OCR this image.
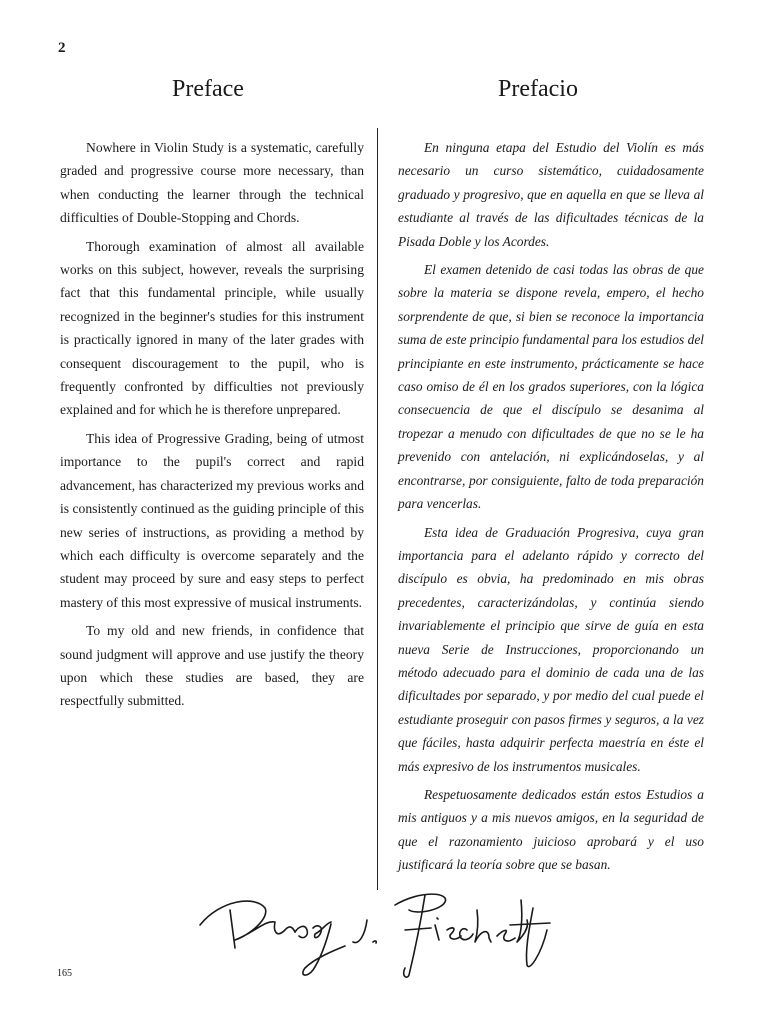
2
Preface	Prefacio

Nowhere in Violin Study is a systematic, carefully graded and progressive course more necessary, than when conducting the learner through the technical difficulties of Double-Stopping and Chords.

Thorough examination of almost all available works on this subject, however, reveals the surprising fact that this fundamental principle, while usually recognized in the beginner's studies for this instrument is practically ignored in many of the later grades with consequent discouragement to the pupil, who is frequently confronted by difficulties not previously explained and for which he is therefore unprepared.

This idea of Progressive Grading, being of utmost importance to the pupil's correct and rapid advancement, has characterized my previous works and is consistently continued as the guiding principle of this new series of instructions, as providing a method by which each difficulty is overcome separately and the student may proceed by sure and easy steps to perfect mastery of this most expressive of musical instruments.

To my old and new friends, in confidence that sound judgment will approve and use justify the theory upon which these studies are based, they are respectfully submitted.

En ninguna etapa del Estudio del Violín es más necesario un curso sistemático, cuidadosamente graduado y progresivo, que en aquella en que se lleva al estudiante al través de las dificultades técnicas de la Pisada Doble y los Acordes.

El examen detenido de casi todas las obras de que sobre la materia se dispone revela, empero, el hecho sorprendente de que, si bien se reconoce la importancia suma de este principio fundamental para los estudios del principiante en este instrumento, prácticamente se hace caso omiso de él en los grados superiores, con la lógica consecuencia de que el discípulo se desanima al tropezar a menudo con dificultades de que no se le ha prevenido con antelación, ni explicándoselas, y al encontrarse, por consiguiente, falto de toda preparación para vencerlas.

Esta idea de Graduación Progresiva, cuya gran importancia para el adelanto rápido y correcto del discípulo es obvia, ha predominado en mis obras precedentes, caracterizándolas, y continúa siendo invariablemente el principio que sirve de guía en esta nueva Serie de Instrucciones, proporcionando un método adecuado para el dominio de cada una de las dificultades por separado, y por medio del cual puede el estudiante proseguir con pasos firmes y seguros, a la vez que fáciles, hasta adquirir perfecta maestría en éste el más expresivo de los instrumentos musicales.

Respetuosamente dedicados están estos Estudios a mis antiguos y a mis nuevos amigos, en la seguridad de que el razonamiento juicioso aprobará y el uso justificará la teoría sobre que se basan.

165
